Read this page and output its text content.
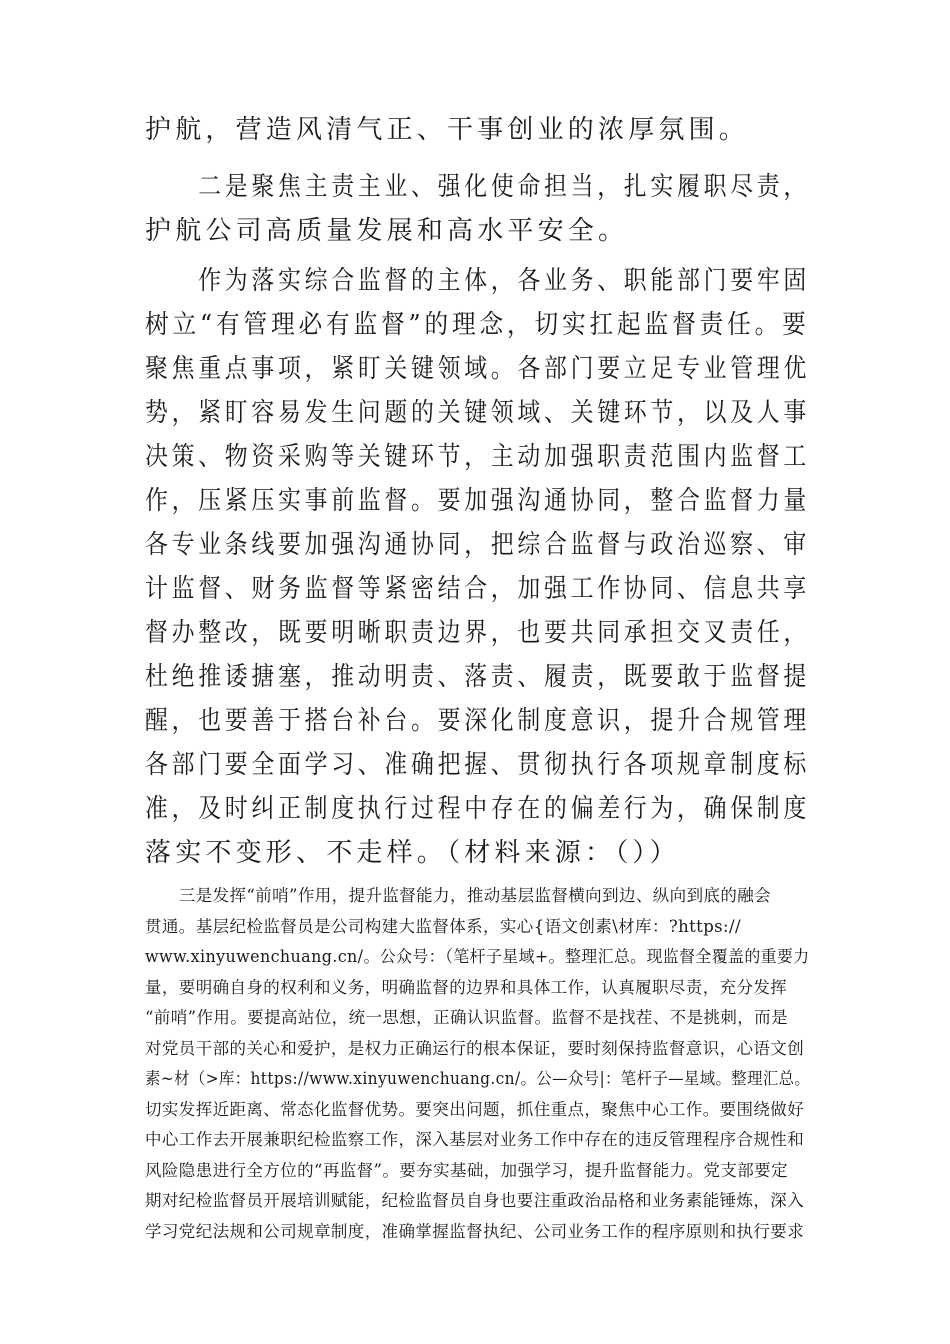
护航，营造风清气正、干事创业的浓厚氛围。

　　二是聚焦主责主业、强化使命担当，扎实履职尽责，
护航公司高质量发展和高水平安全。

　　作为落实综合监督的主体，各业务、职能部门要牢固
树立“有管理必有监督”的理念，切实扛起监督责任。要
聚焦重点事项，紧盯关键领域。各部门要立足专业管理优
势，紧盯容易发生问题的关键领域、关键环节，以及人事
决策、物资采购等关键环节，主动加强职责范围内监督工
作，压紧压实事前监督。要加强沟通协同，整合监督力量
各专业条线要加强沟通协同，把综合监督与政治巡察、审
计监督、财务监督等紧密结合，加强工作协同、信息共享
督办整改，既要明晰职责边界，也要共同承担交叉责任，
杜绝推诿搪塞，推动明责、落责、履责，既要敢于监督提
醒，也要善于搭台补台。要深化制度意识，提升合规管理
各部门要全面学习、准确把握、贯彻执行各项规章制度标
准，及时纠正制度执行过程中存在的偏差行为，确保制度
落实不变形、不走样。（材料来源：（））

　　三是发挥“前哨”作用，提升监督能力，推动基层监督横向到边、纵向到底的融会
贯通。基层纪检监督员是公司构建大监督体系，实心{语文创素\材库：?https://
www.xinyuwenchuang.cn/。公众号：（笔杆子星域+。整理汇总。现监督全覆盖的重要力
量，要明确自身的权利和义务，明确监督的边界和具体工作，认真履职尽责，充分发挥
“前哨”作用。要提高站位，统一思想，正确认识监督。监督不是找茬、不是挑刺，而是
对党员干部的关心和爱护，是权力正确运行的根本保证，要时刻保持监督意识，心语文创
素~材（>库：https://www.xinyuwenchuang.cn/。公—众号|：笔杆子—星域。整理汇总。
切实发挥近距离、常态化监督优势。要突出问题，抓住重点，聚焦中心工作。要围绕做好
中心工作去开展兼职纪检监察工作，深入基层对业务工作中存在的违反管理程序合规性和
风险隐患进行全方位的“再监督”。要夯实基础，加强学习，提升监督能力。党支部要定
期对纪检监督员开展培训赋能，纪检监督员自身也要注重政治品格和业务素能锤炼，深入
学习党纪法规和公司规章制度，准确掌握监督执纪、公司业务工作的程序原则和执行要求
